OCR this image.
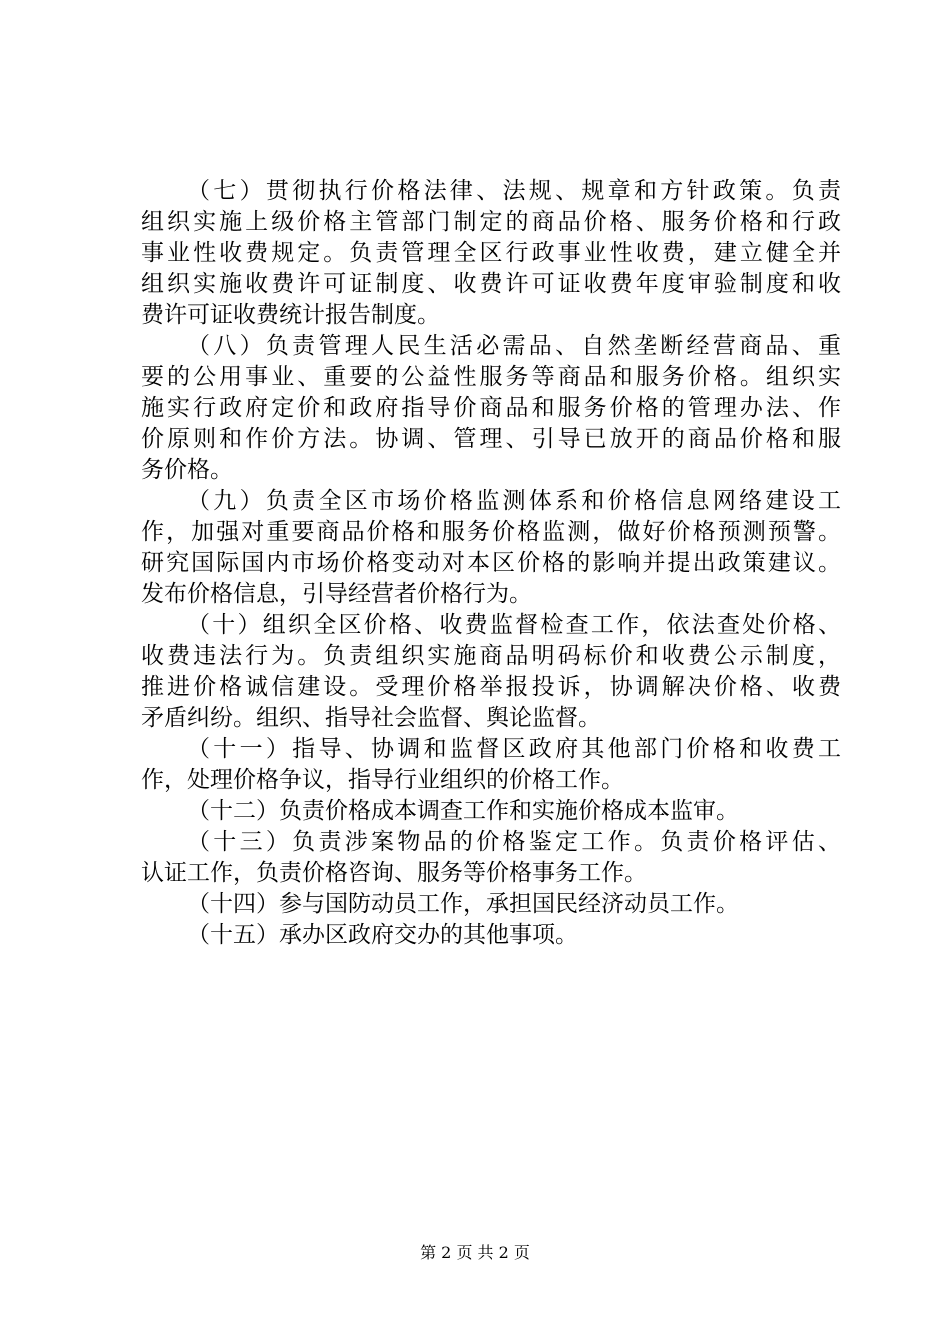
（七）贯彻执行价格法律、法规、规章和方针政策。负责
组织实施上级价格主管部门制定的商品价格、服务价格和行政
事业性收费规定。负责管理全区行政事业性收费，建立健全并
组织实施收费许可证制度、收费许可证收费年度审验制度和收
费许可证收费统计报告制度。
（八）负责管理人民生活必需品、自然垄断经营商品、重
要的公用事业、重要的公益性服务等商品和服务价格。组织实
施实行政府定价和政府指导价商品和服务价格的管理办法、作
价原则和作价方法。协调、管理、引导已放开的商品价格和服
务价格。
（九）负责全区市场价格监测体系和价格信息网络建设工
作，加强对重要商品价格和服务价格监测，做好价格预测预警。
研究国际国内市场价格变动对本区价格的影响并提出政策建议。
发布价格信息，引导经营者价格行为。
（十）组织全区价格、收费监督检查工作，依法查处价格、
收费违法行为。负责组织实施商品明码标价和收费公示制度，
推进价格诚信建设。受理价格举报投诉，协调解决价格、收费
矛盾纠纷。组织、指导社会监督、舆论监督。
（十一）指导、协调和监督区政府其他部门价格和收费工
作，处理价格争议，指导行业组织的价格工作。
（十二）负责价格成本调查工作和实施价格成本监审。
（十三）负责涉案物品的价格鉴定工作。负责价格评估、
认证工作，负责价格咨询、服务等价格事务工作。
（十四）参与国防动员工作，承担国民经济动员工作。
（十五）承办区政府交办的其他事项。
第 2 页 共 2 页
